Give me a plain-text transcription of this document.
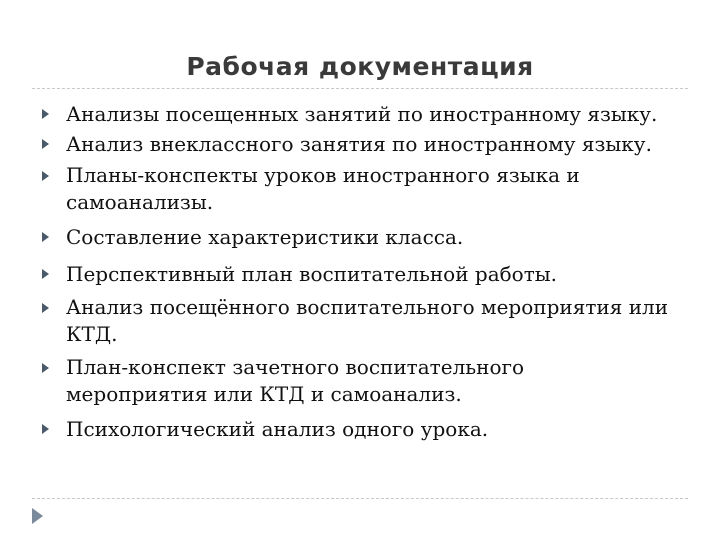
Рабочая документация
Анализы посещенных занятий по иностранному языку.
Анализ внеклассного занятия по иностранному языку.
Планы-конспекты уроков иностранного языка и самоанализы.
Составление характеристики класса.
Перспективный план воспитательной работы.
Анализ посещённого воспитательного мероприятия или КТД.
План-конспект зачетного воспитательного мероприятия или КТД и самоанализ.
Психологический анализ одного урока.
